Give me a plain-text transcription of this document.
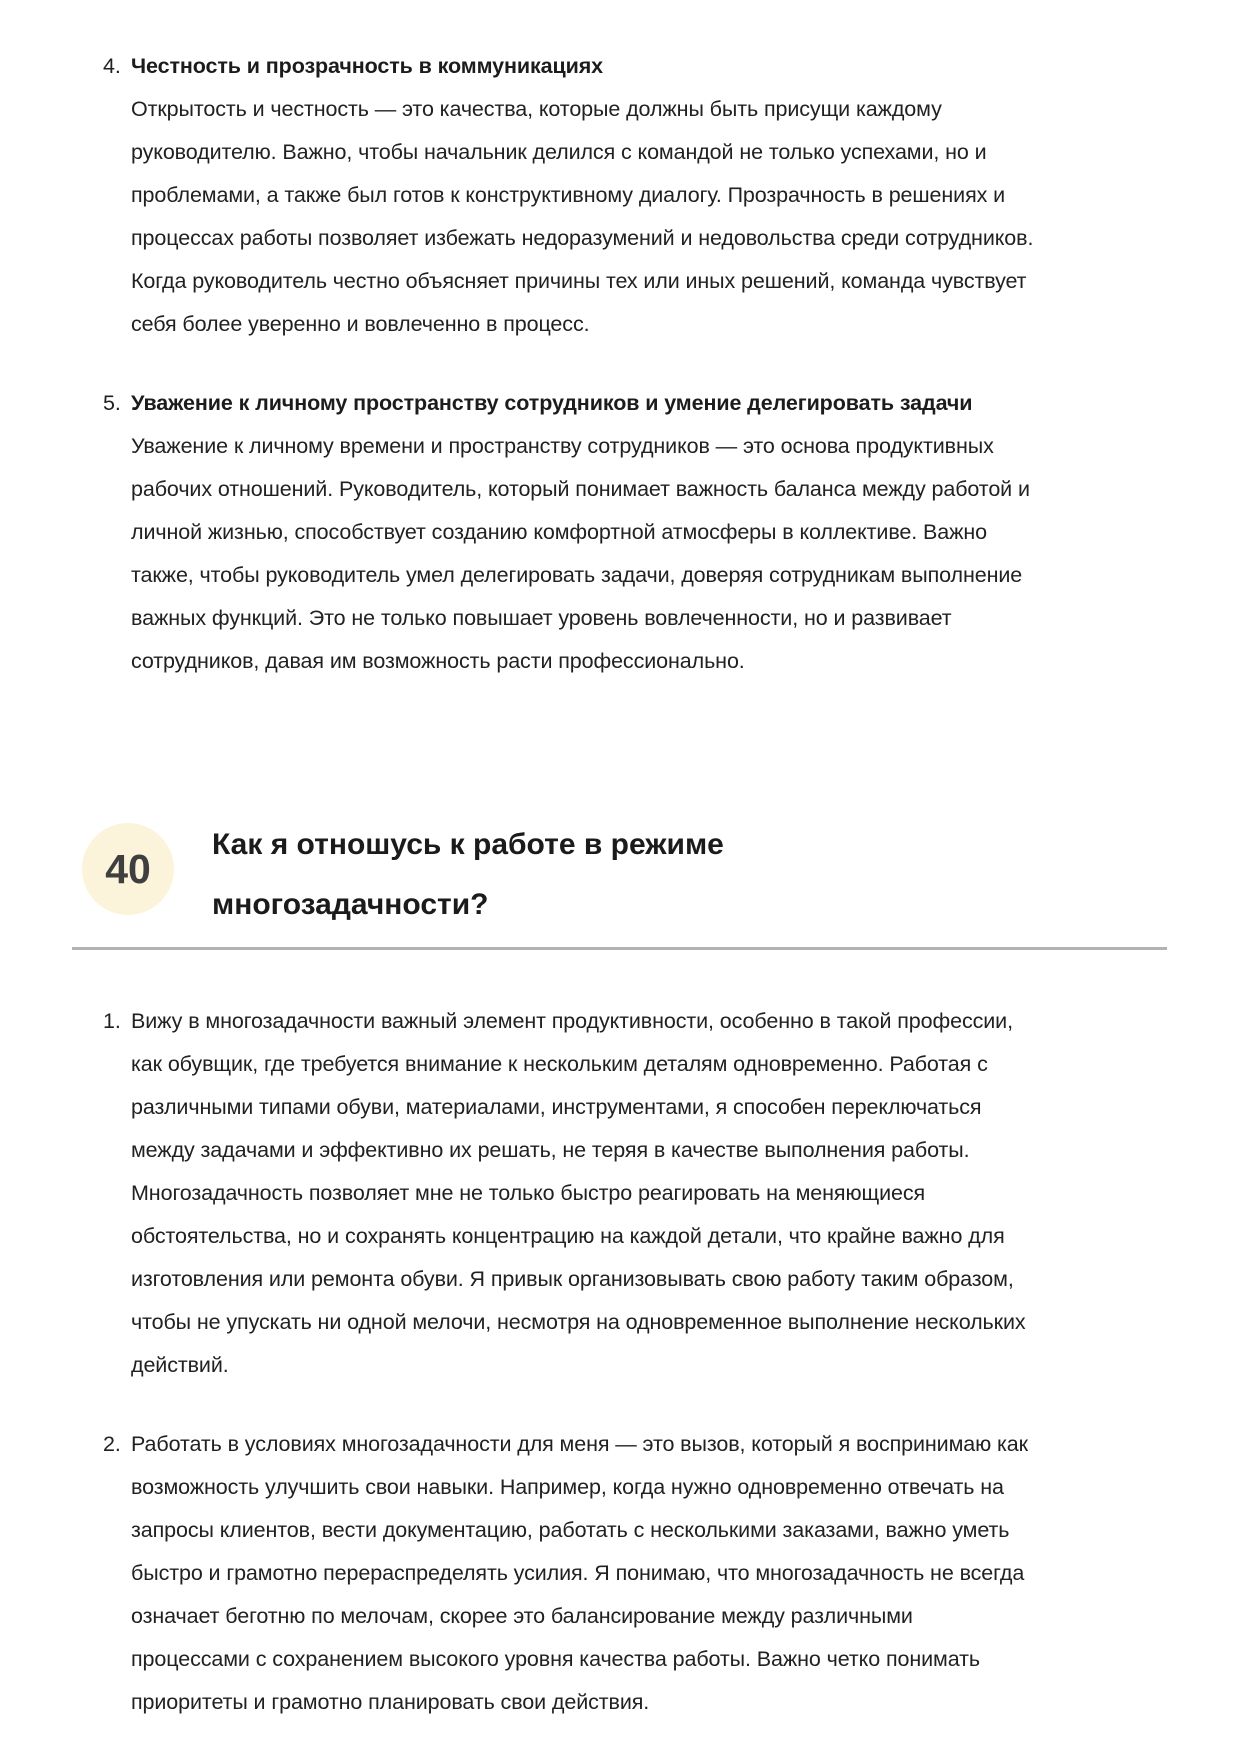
4. Честность и прозрачность в коммуникациях
Открытость и честность — это качества, которые должны быть присущи каждому руководителю. Важно, чтобы начальник делился с командой не только успехами, но и проблемами, а также был готов к конструктивному диалогу. Прозрачность в решениях и процессах работы позволяет избежать недоразумений и недовольства среди сотрудников. Когда руководитель честно объясняет причины тех или иных решений, команда чувствует себя более уверенно и вовлеченно в процесс.
5. Уважение к личному пространству сотрудников и умение делегировать задачи
Уважение к личному времени и пространству сотрудников — это основа продуктивных рабочих отношений. Руководитель, который понимает важность баланса между работой и личной жизнью, способствует созданию комфортной атмосферы в коллективе. Важно также, чтобы руководитель умел делегировать задачи, доверяя сотрудникам выполнение важных функций. Это не только повышает уровень вовлеченности, но и развивает сотрудников, давая им возможность расти профессионально.
40
Как я отношусь к работе в режиме многозадачности?
1. Вижу в многозадачности важный элемент продуктивности, особенно в такой профессии, как обувщик, где требуется внимание к нескольким деталям одновременно. Работая с различными типами обуви, материалами, инструментами, я способен переключаться между задачами и эффективно их решать, не теряя в качестве выполнения работы. Многозадачность позволяет мне не только быстро реагировать на меняющиеся обстоятельства, но и сохранять концентрацию на каждой детали, что крайне важно для изготовления или ремонта обуви. Я привык организовывать свою работу таким образом, чтобы не упускать ни одной мелочи, несмотря на одновременное выполнение нескольких действий.
2. Работать в условиях многозадачности для меня — это вызов, который я воспринимаю как возможность улучшить свои навыки. Например, когда нужно одновременно отвечать на запросы клиентов, вести документацию, работать с несколькими заказами, важно уметь быстро и грамотно перераспределять усилия. Я понимаю, что многозадачность не всегда означает беготню по мелочам, скорее это балансирование между различными процессами с сохранением высокого уровня качества работы. Важно четко понимать приоритеты и грамотно планировать свои действия.
